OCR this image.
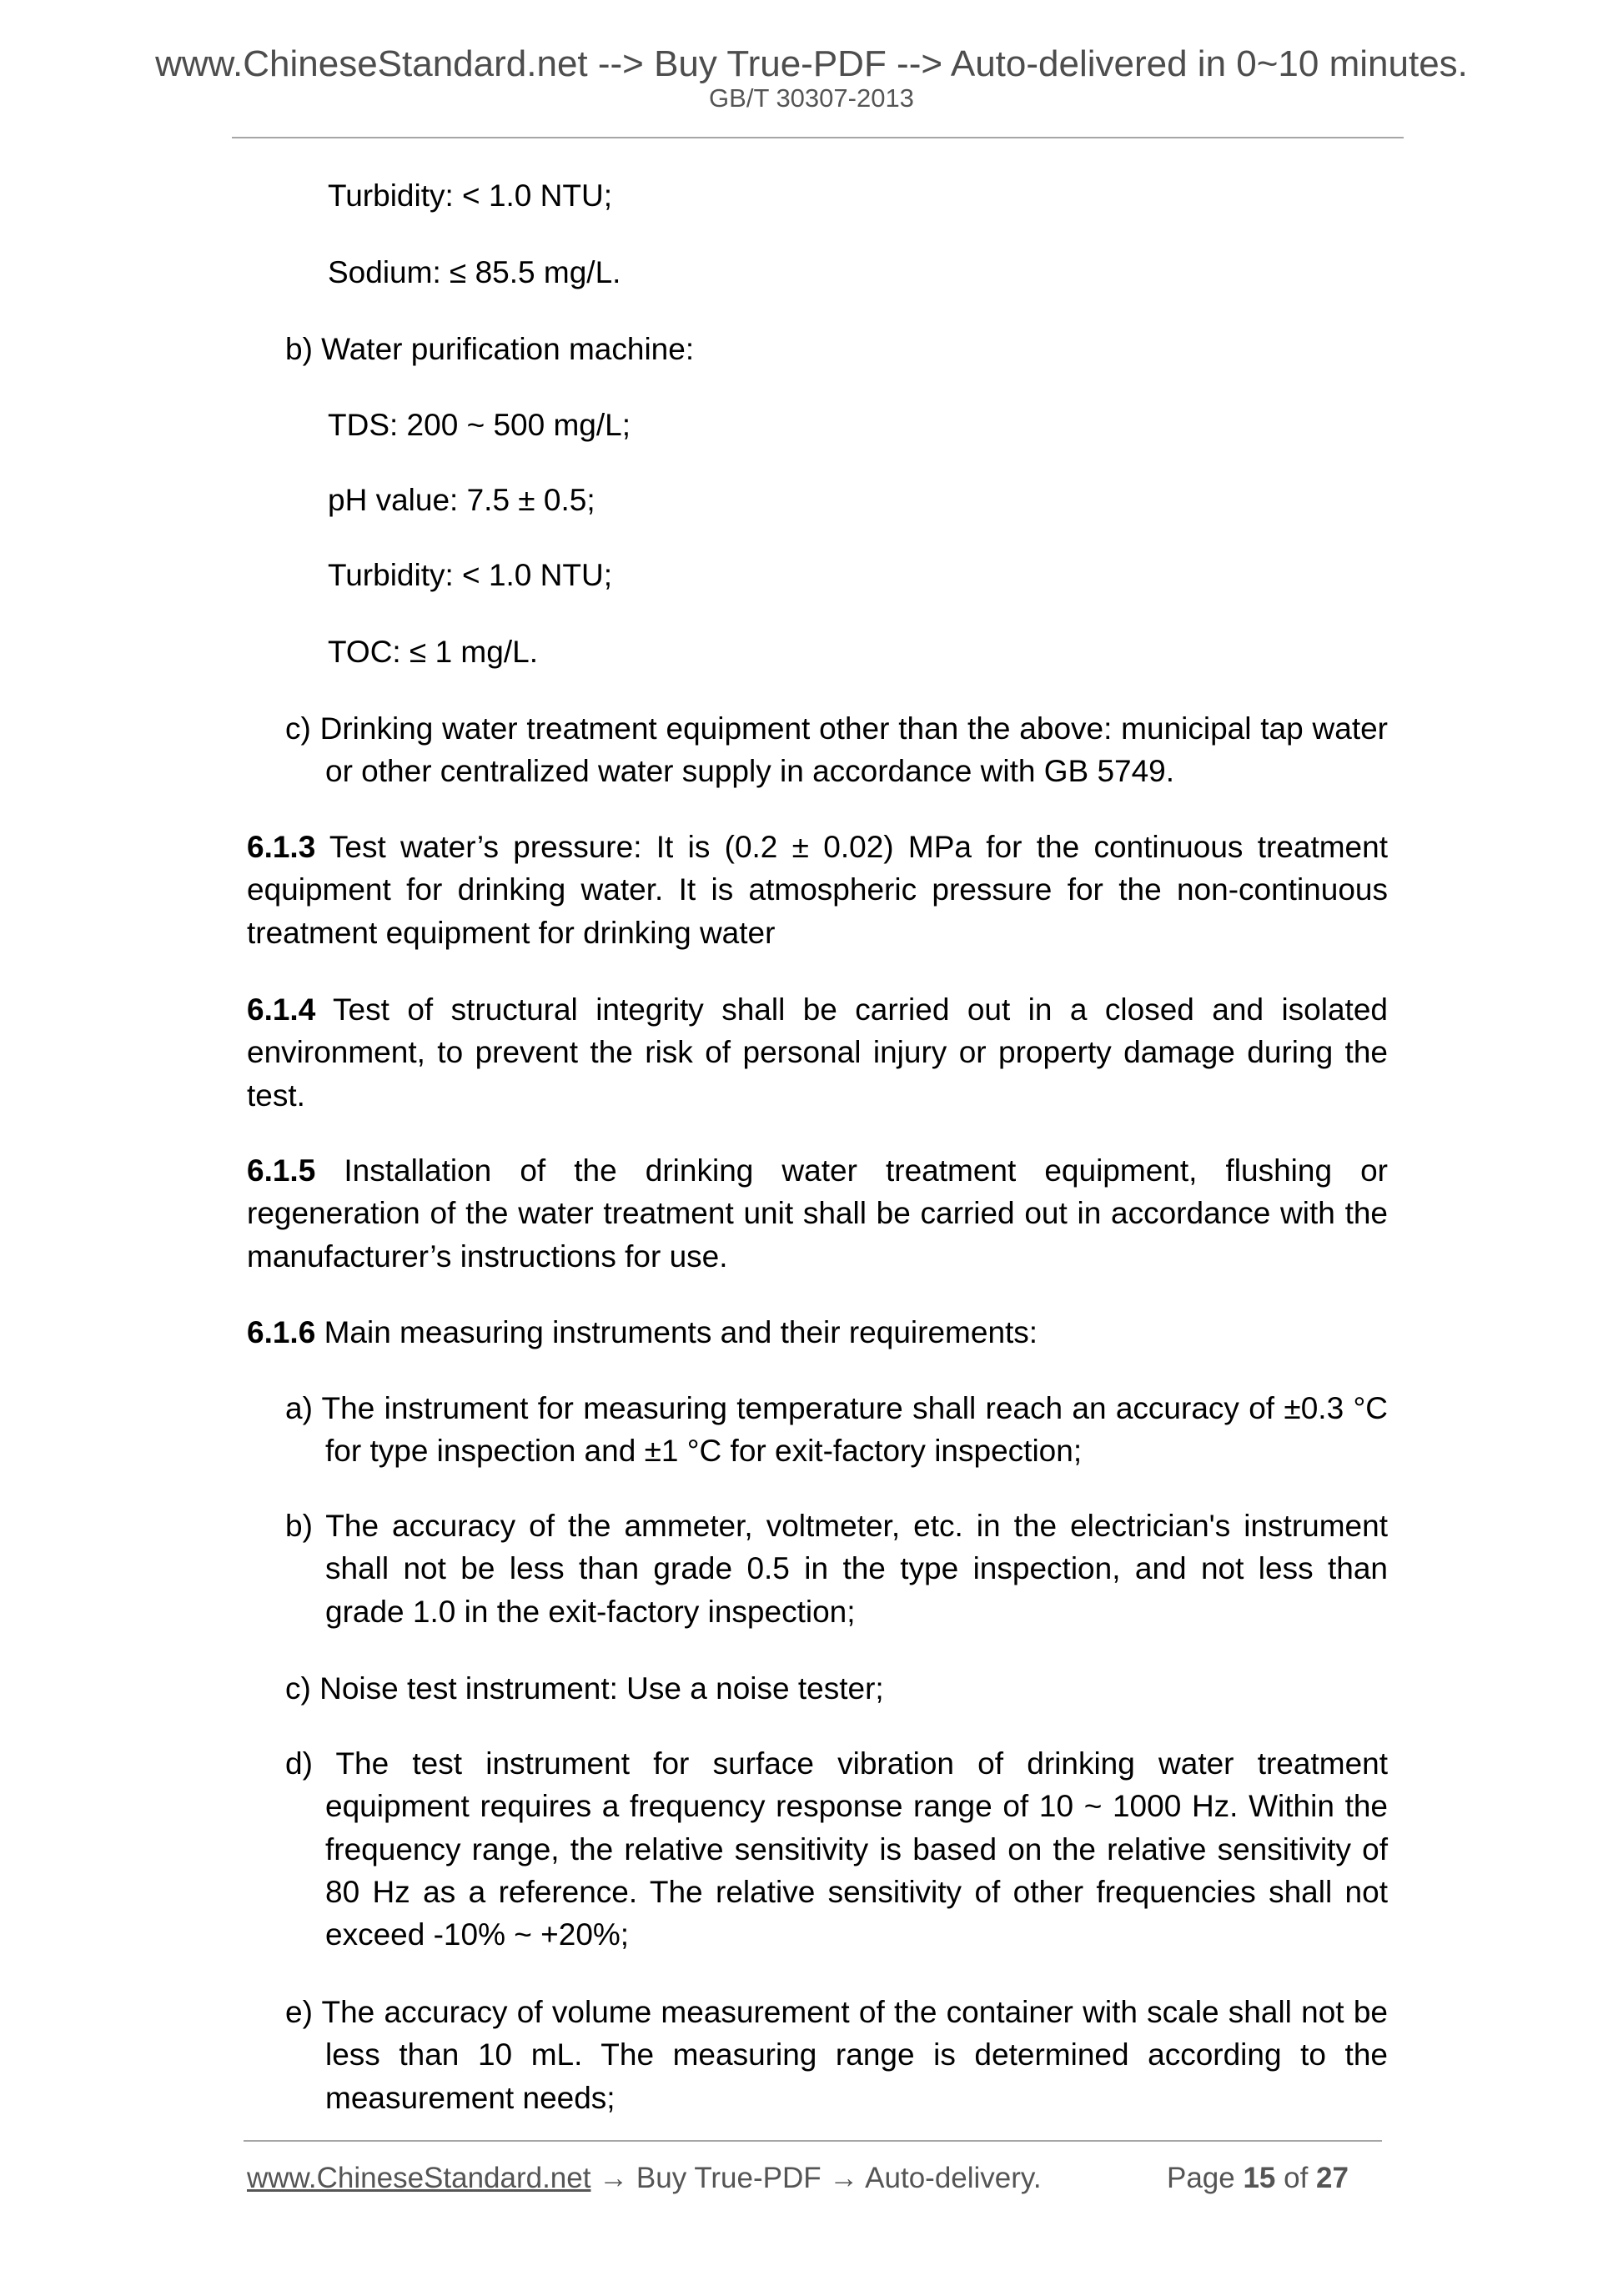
www.ChineseStandard.net --> Buy True-PDF --> Auto-delivered in 0~10 minutes.
GB/T 30307-2013

Turbidity: < 1.0 NTU;

Sodium: ≤ 85.5 mg/L.

b) Water purification machine:

TDS: 200 ~ 500 mg/L;

pH value: 7.5 ± 0.5;

Turbidity: < 1.0 NTU;

TOC: ≤ 1 mg/L.

c) Drinking water treatment equipment other than the above: municipal tap water or other centralized water supply in accordance with GB 5749.

6.1.3 Test water’s pressure: It is (0.2 ± 0.02) MPa for the continuous treatment equipment for drinking water. It is atmospheric pressure for the non-continuous treatment equipment for drinking water

6.1.4 Test of structural integrity shall be carried out in a closed and isolated environment, to prevent the risk of personal injury or property damage during the test.

6.1.5 Installation of the drinking water treatment equipment, flushing or regeneration of the water treatment unit shall be carried out in accordance with the manufacturer’s instructions for use.

6.1.6 Main measuring instruments and their requirements:

a) The instrument for measuring temperature shall reach an accuracy of ±0.3 °C for type inspection and ±1 °C for exit-factory inspection;

b) The accuracy of the ammeter, voltmeter, etc. in the electrician's instrument shall not be less than grade 0.5 in the type inspection, and not less than grade 1.0 in the exit-factory inspection;

c) Noise test instrument: Use a noise tester;

d) The test instrument for surface vibration of drinking water treatment equipment requires a frequency response range of 10 ~ 1000 Hz. Within the frequency range, the relative sensitivity is based on the relative sensitivity of 80 Hz as a reference. The relative sensitivity of other frequencies shall not exceed -10% ~ +20%;

e) The accuracy of volume measurement of the container with scale shall not be less than 10 mL. The measuring range is determined according to the measurement needs;

www.ChineseStandard.net → Buy True-PDF → Auto-delivery.	Page 15 of 27
